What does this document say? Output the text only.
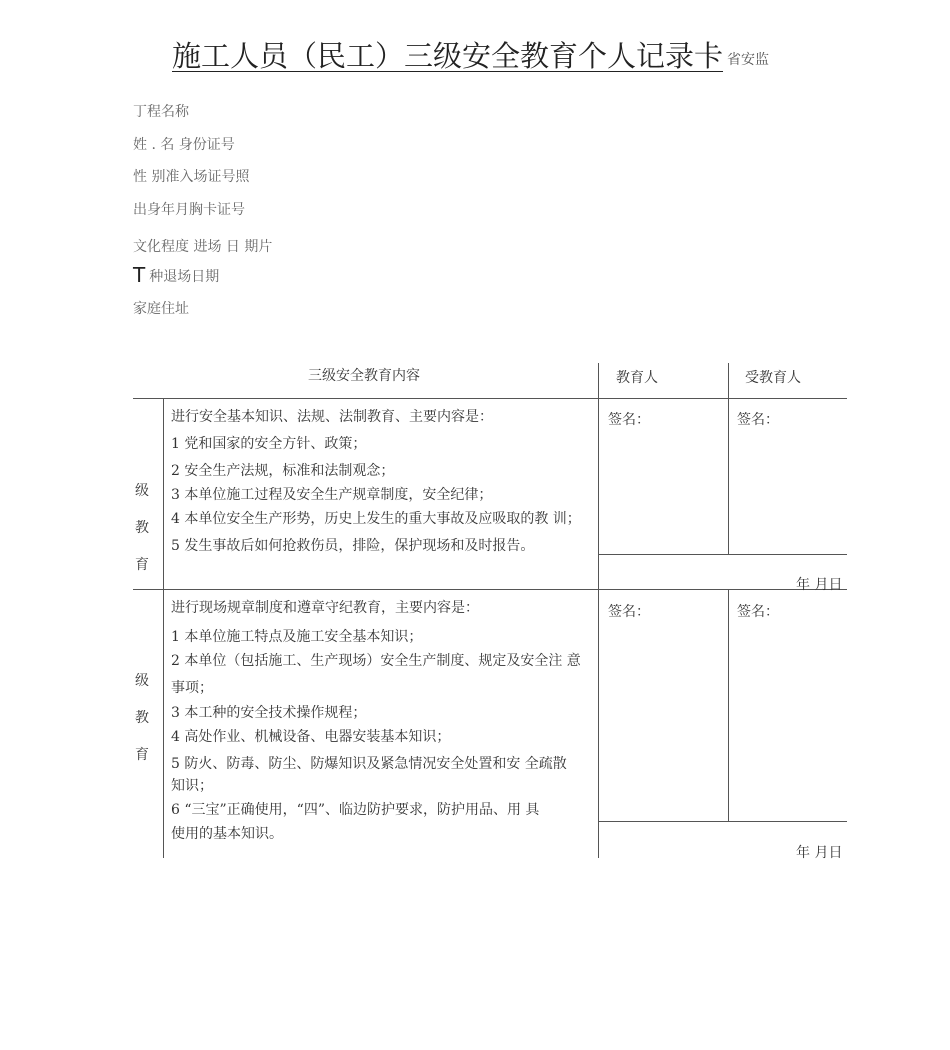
施工人员（民工）三级安全教育个人记录卡 省安监
丁程名称
姓 . 名 身份证号
性 别准入场证号照
出身年月胸卡证号
文化程度 进场 日 期片
T 种退场日期
家庭住址
三级安全教育内容	教育人	受教育人
级
教
育
进行安全基本知识、法规、法制教育、主要内容是：
1 党和国家的安全方针、政策；
2 安全生产法规，标准和法制观念；
3 本单位施工过程及安全生产规章制度，安全纪律；
4 本单位安全生产形势，历史上发生的重大事故及应吸取的教 训；
5 发生事故后如何抢救伤员，排险，保护现场和及时报告。
签名：	签名：
年 月日
级
教
育
进行现场规章制度和遵章守纪教育，主要内容是：
1 本单位施工特点及施工安全基本知识；
2 本单位（包括施工、生产现场）安全生产制度、规定及安全注 意
事项；
3 本工种的安全技术操作规程；
4 高处作业、机械设备、电器安装基本知识；
5 防火、防毒、防尘、防爆知识及紧急情况安全处置和安 全疏散
知识；
6 “三宝”正确使用，“四”、临边防护要求，防护用品、用 具
使用的基本知识。
签名：	签名：
年 月日
